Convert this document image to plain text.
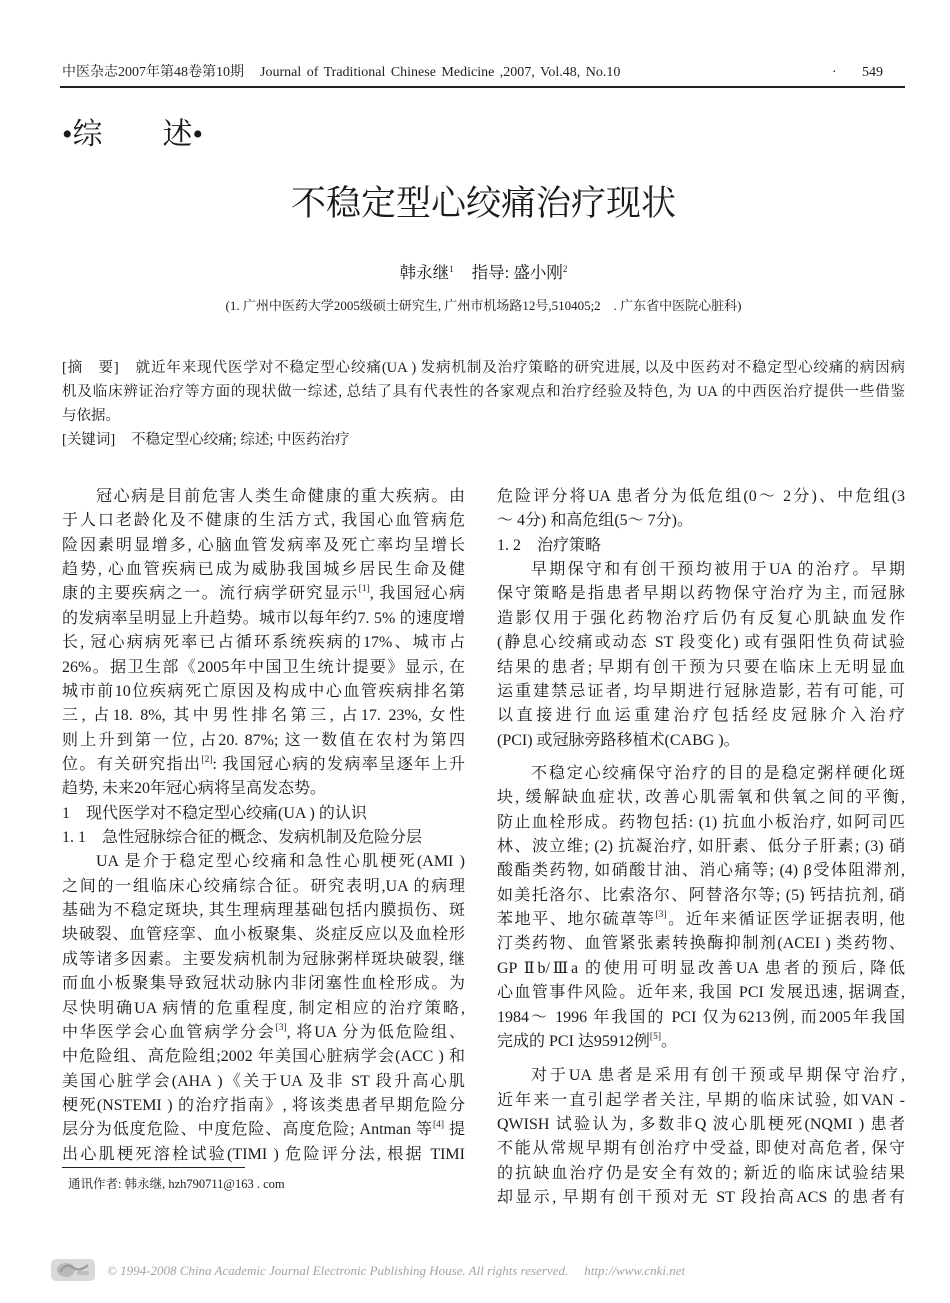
中医杂志2007年第48卷第10期 Journal of Traditional Chinese Medicine ,2007, Vol.48, No.10	· 549
•综　　述•
不稳定型心绞痛治疗现状
韩永继$^1$ 指导: 盛小刚$^2$
(1. 广州中医药大学2005级硕士研究生, 广州市机场路12号,510405;2　. 广东省中医院心脏科)
[摘　要] 就近年来现代医学对不稳定型心绞痛(UA ) 发病机制及治疗策略的研究进展, 以及中医药对不稳定型心绞痛的病因病
机及临床辨证治疗等方面的现状做一综述, 总结了具有代表性的各家观点和治疗经验及特色, 为 UA 的中西医治疗提供一些借鉴
与依据。
[关键词] 不稳定型心绞痛; 综述; 中医药治疗
冠心病是目前危害人类生命健康的重大疾病。由
于人口老龄化及不健康的生活方式, 我国心血管病危
险因素明显增多, 心脑血管发病率及死亡率均呈增长
趋势, 心血管疾病已成为威胁我国城乡居民生命及健
康的主要疾病之一。流行病学研究显示[1], 我国冠心病
的发病率呈明显上升趋势。城市以每年约7. 5% 的速度增
长, 冠心病病死率已占循环系统疾病的17%、城市占
26%。据卫生部《2005年中国卫生统计提要》显示, 在
城市前10位疾病死亡原因及构成中心血管疾病排名第
三, 占18. 8%, 其中男性排名第三, 占17. 23%, 女性
则上升到第一位, 占20. 87%; 这一数值在农村为第四
位。有关研究指出[2]: 我国冠心病的发病率呈逐年上升
趋势, 未来20年冠心病将呈高发态势。
1　现代医学对不稳定型心绞痛(UA ) 的认识
1. 1　急性冠脉综合征的概念、发病机制及危险分层
UA 是介于稳定型心绞痛和急性心肌梗死(AMI )
之间的一组临床心绞痛综合征。研究表明,UA 的病理
基础为不稳定斑块, 其生理病理基础包括内膜损伤、斑
块破裂、血管痉挛、血小板聚集、炎症反应以及血栓形
成等诸多因素。主要发病机制为冠脉粥样斑块破裂, 继
而血小板聚集导致冠状动脉内非闭塞性血栓形成。为
尽快明确UA 病情的危重程度, 制定相应的治疗策略,
中华医学会心血管病学分会[3], 将UA 分为低危险组、
中危险组、高危险组;2002 年美国心脏病学会(ACC ) 和
美国心脏学会(AHA )《关于UA 及非 ST 段升高心肌
梗死(NSTEMI ) 的治疗指南》, 将该类患者早期危险分
层分为低度危险、中度危险、高度危险; Antman 等[4] 提
出心肌梗死溶栓试验(TIMI ) 危险评分法, 根据 TIMI
危险评分将UA 患者分为低危组(0～ 2分)、中危组(3
～ 4分) 和高危组(5～ 7分)。
1. 2　治疗策略
早期保守和有创干预均被用于UA 的治疗。早期
保守策略是指患者早期以药物保守治疗为主, 而冠脉
造影仅用于强化药物治疗后仍有反复心肌缺血发作
(静息心绞痛或动态 ST 段变化) 或有强阳性负荷试验
结果的患者; 早期有创干预为只要在临床上无明显血
运重建禁忌证者, 均早期进行冠脉造影, 若有可能, 可
以直接进行血运重建治疗包括经皮冠脉介入治疗
(PCI) 或冠脉旁路移植术(CABG )。
不稳定心绞痛保守治疗的目的是稳定粥样硬化斑
块, 缓解缺血症状, 改善心肌需氧和供氧之间的平衡,
防止血栓形成。药物包括: (1) 抗血小板治疗, 如阿司匹
林、波立维; (2) 抗凝治疗, 如肝素、低分子肝素; (3) 硝
酸酯类药物, 如硝酸甘油、消心痛等; (4) β受体阻滞剂,
如美托洛尔、比索洛尔、阿替洛尔等; (5) 钙拮抗剂, 硝
苯地平、地尔硫䓬等[3]。近年来循证医学证据表明, 他
汀类药物、血管紧张素转换酶抑制剂(ACEI ) 类药物、
GP Ⅱb/Ⅲa 的使用可明显改善UA 患者的预后, 降低
心血管事件风险。近年来, 我国 PCI 发展迅速, 据调查,
1984～ 1996 年我国的 PCI 仅为6213例, 而2005年我国
完成的 PCI 达95912例[5]。
对于UA 患者是采用有创干预或早期保守治疗,
近年来一直引起学者关注, 早期的临床试验, 如VAN -
QWISH 试验认为, 多数非Q 波心肌梗死(NQMI ) 患者
不能从常规早期有创治疗中受益, 即使对高危者, 保守
的抗缺血治疗仍是安全有效的; 新近的临床试验结果
却显示, 早期有创干预对无 ST 段抬高ACS 的患者有
通讯作者: 韩永继, hzh790711@163 . com
© 1994-2008 China Academic Journal Electronic Publishing House. All rights reserved. http://www.cnki.net
